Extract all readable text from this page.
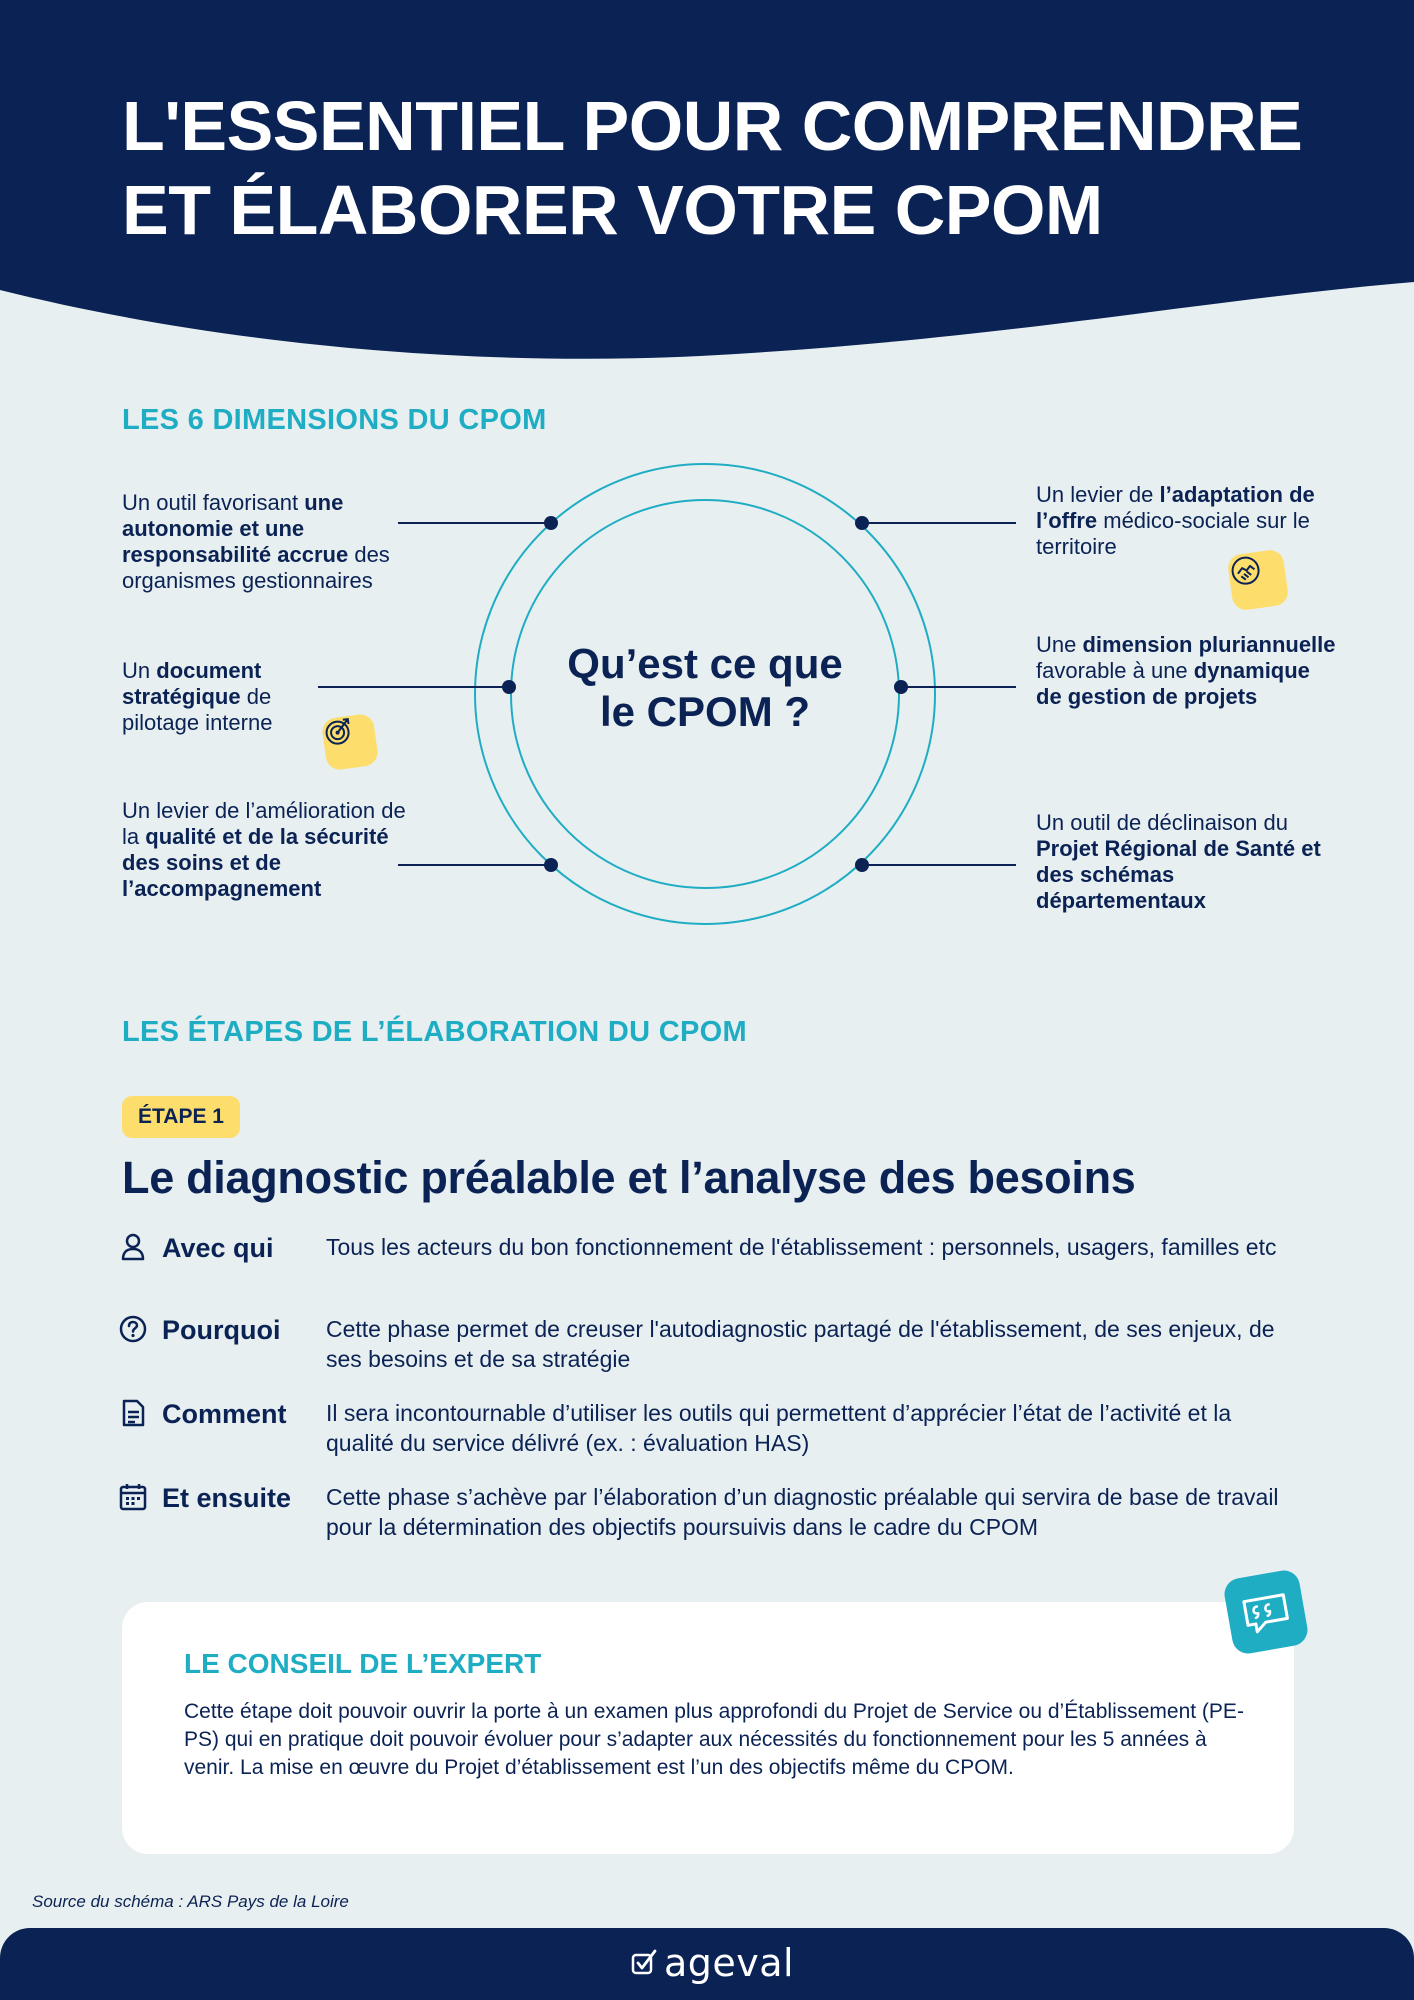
L'ESSENTIEL POUR COMPRENDRE
ET ÉLABORER VOTRE CPOM
LES 6 DIMENSIONS DU CPOM
Qu’est ce que
le CPOM ?
Un outil favorisant une autonomie et une responsabilité accrue des organismes gestionnaires
Un document stratégique de pilotage interne
Un levier de l’amélioration de la qualité et de la sécurité des soins et de l’accompagnement
Un levier de l’adaptation de l’offre médico-sociale sur le territoire
Une dimension pluriannuelle favorable à une dynamique de gestion de projets
Un outil de déclinaison du Projet Régional de Santé et des schémas départementaux
LES ÉTAPES DE L’ÉLABORATION DU CPOM
ÉTAPE 1
Le diagnostic préalable et l’analyse des besoins
Avec qui Tous les acteurs du bon fonctionnement de l'établissement : personnels, usagers, familles etc
Pourquoi Cette phase permet de creuser l'autodiagnostic partagé de l'établissement, de ses enjeux, de ses besoins et de sa stratégie
Comment Il sera incontournable d’utiliser les outils qui permettent d’apprécier l’état de l’activité et la qualité du service délivré (ex. : évaluation HAS)
Et ensuite Cette phase s’achève par l’élaboration d’un diagnostic préalable qui servira de base de travail pour la détermination des objectifs poursuivis dans le cadre du CPOM
LE CONSEIL DE L’EXPERT
Cette étape doit pouvoir ouvrir la porte à un examen plus approfondi du Projet de Service ou d’Établissement (PE-PS) qui en pratique doit pouvoir évoluer pour s’adapter aux nécessités du fonctionnement pour les 5 années à venir. La mise en œuvre du Projet d’établissement est l’un des objectifs même du CPOM.
Source du schéma : ARS Pays de la Loire
ageval
